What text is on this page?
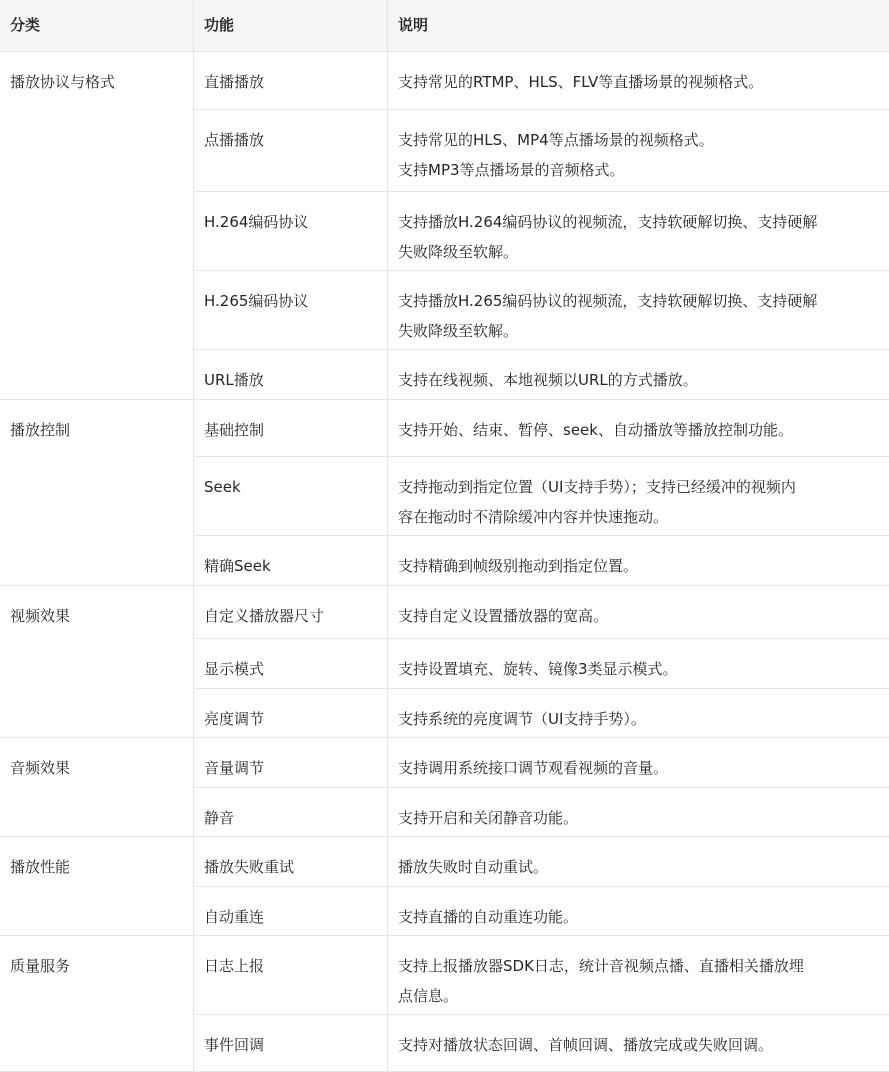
分类	功能	说明
播放协议与格式	直播播放	支持常见的RTMP、HLS、FLV等直播场景的视频格式。
点播播放	支持常见的HLS、MP4等点播场景的视频格式。
支持MP3等点播场景的音频格式。
H.264编码协议	支持播放H.264编码协议的视频流，支持软硬解切换、支持硬解
失败降级至软解。
H.265编码协议	支持播放H.265编码协议的视频流，支持软硬解切换、支持硬解
失败降级至软解。
URL播放	支持在线视频、本地视频以URL的方式播放。
播放控制	基础控制	支持开始、结束、暂停、seek、自动播放等播放控制功能。
Seek	支持拖动到指定位置（UI支持手势）；支持已经缓冲的视频内
容在拖动时不清除缓冲内容并快速拖动。
精确Seek	支持精确到帧级别拖动到指定位置。
视频效果	自定义播放器尺寸	支持自定义设置播放器的宽高。
显示模式	支持设置填充、旋转、镜像3类显示模式。
亮度调节	支持系统的亮度调节（UI支持手势）。
音频效果	音量调节	支持调用系统接口调节观看视频的音量。
静音	支持开启和关闭静音功能。
播放性能	播放失败重试	播放失败时自动重试。
自动重连	支持直播的自动重连功能。
质量服务	日志上报	支持上报播放器SDK日志，统计音视频点播、直播相关播放埋
点信息。
事件回调	支持对播放状态回调、首帧回调、播放完成或失败回调。
